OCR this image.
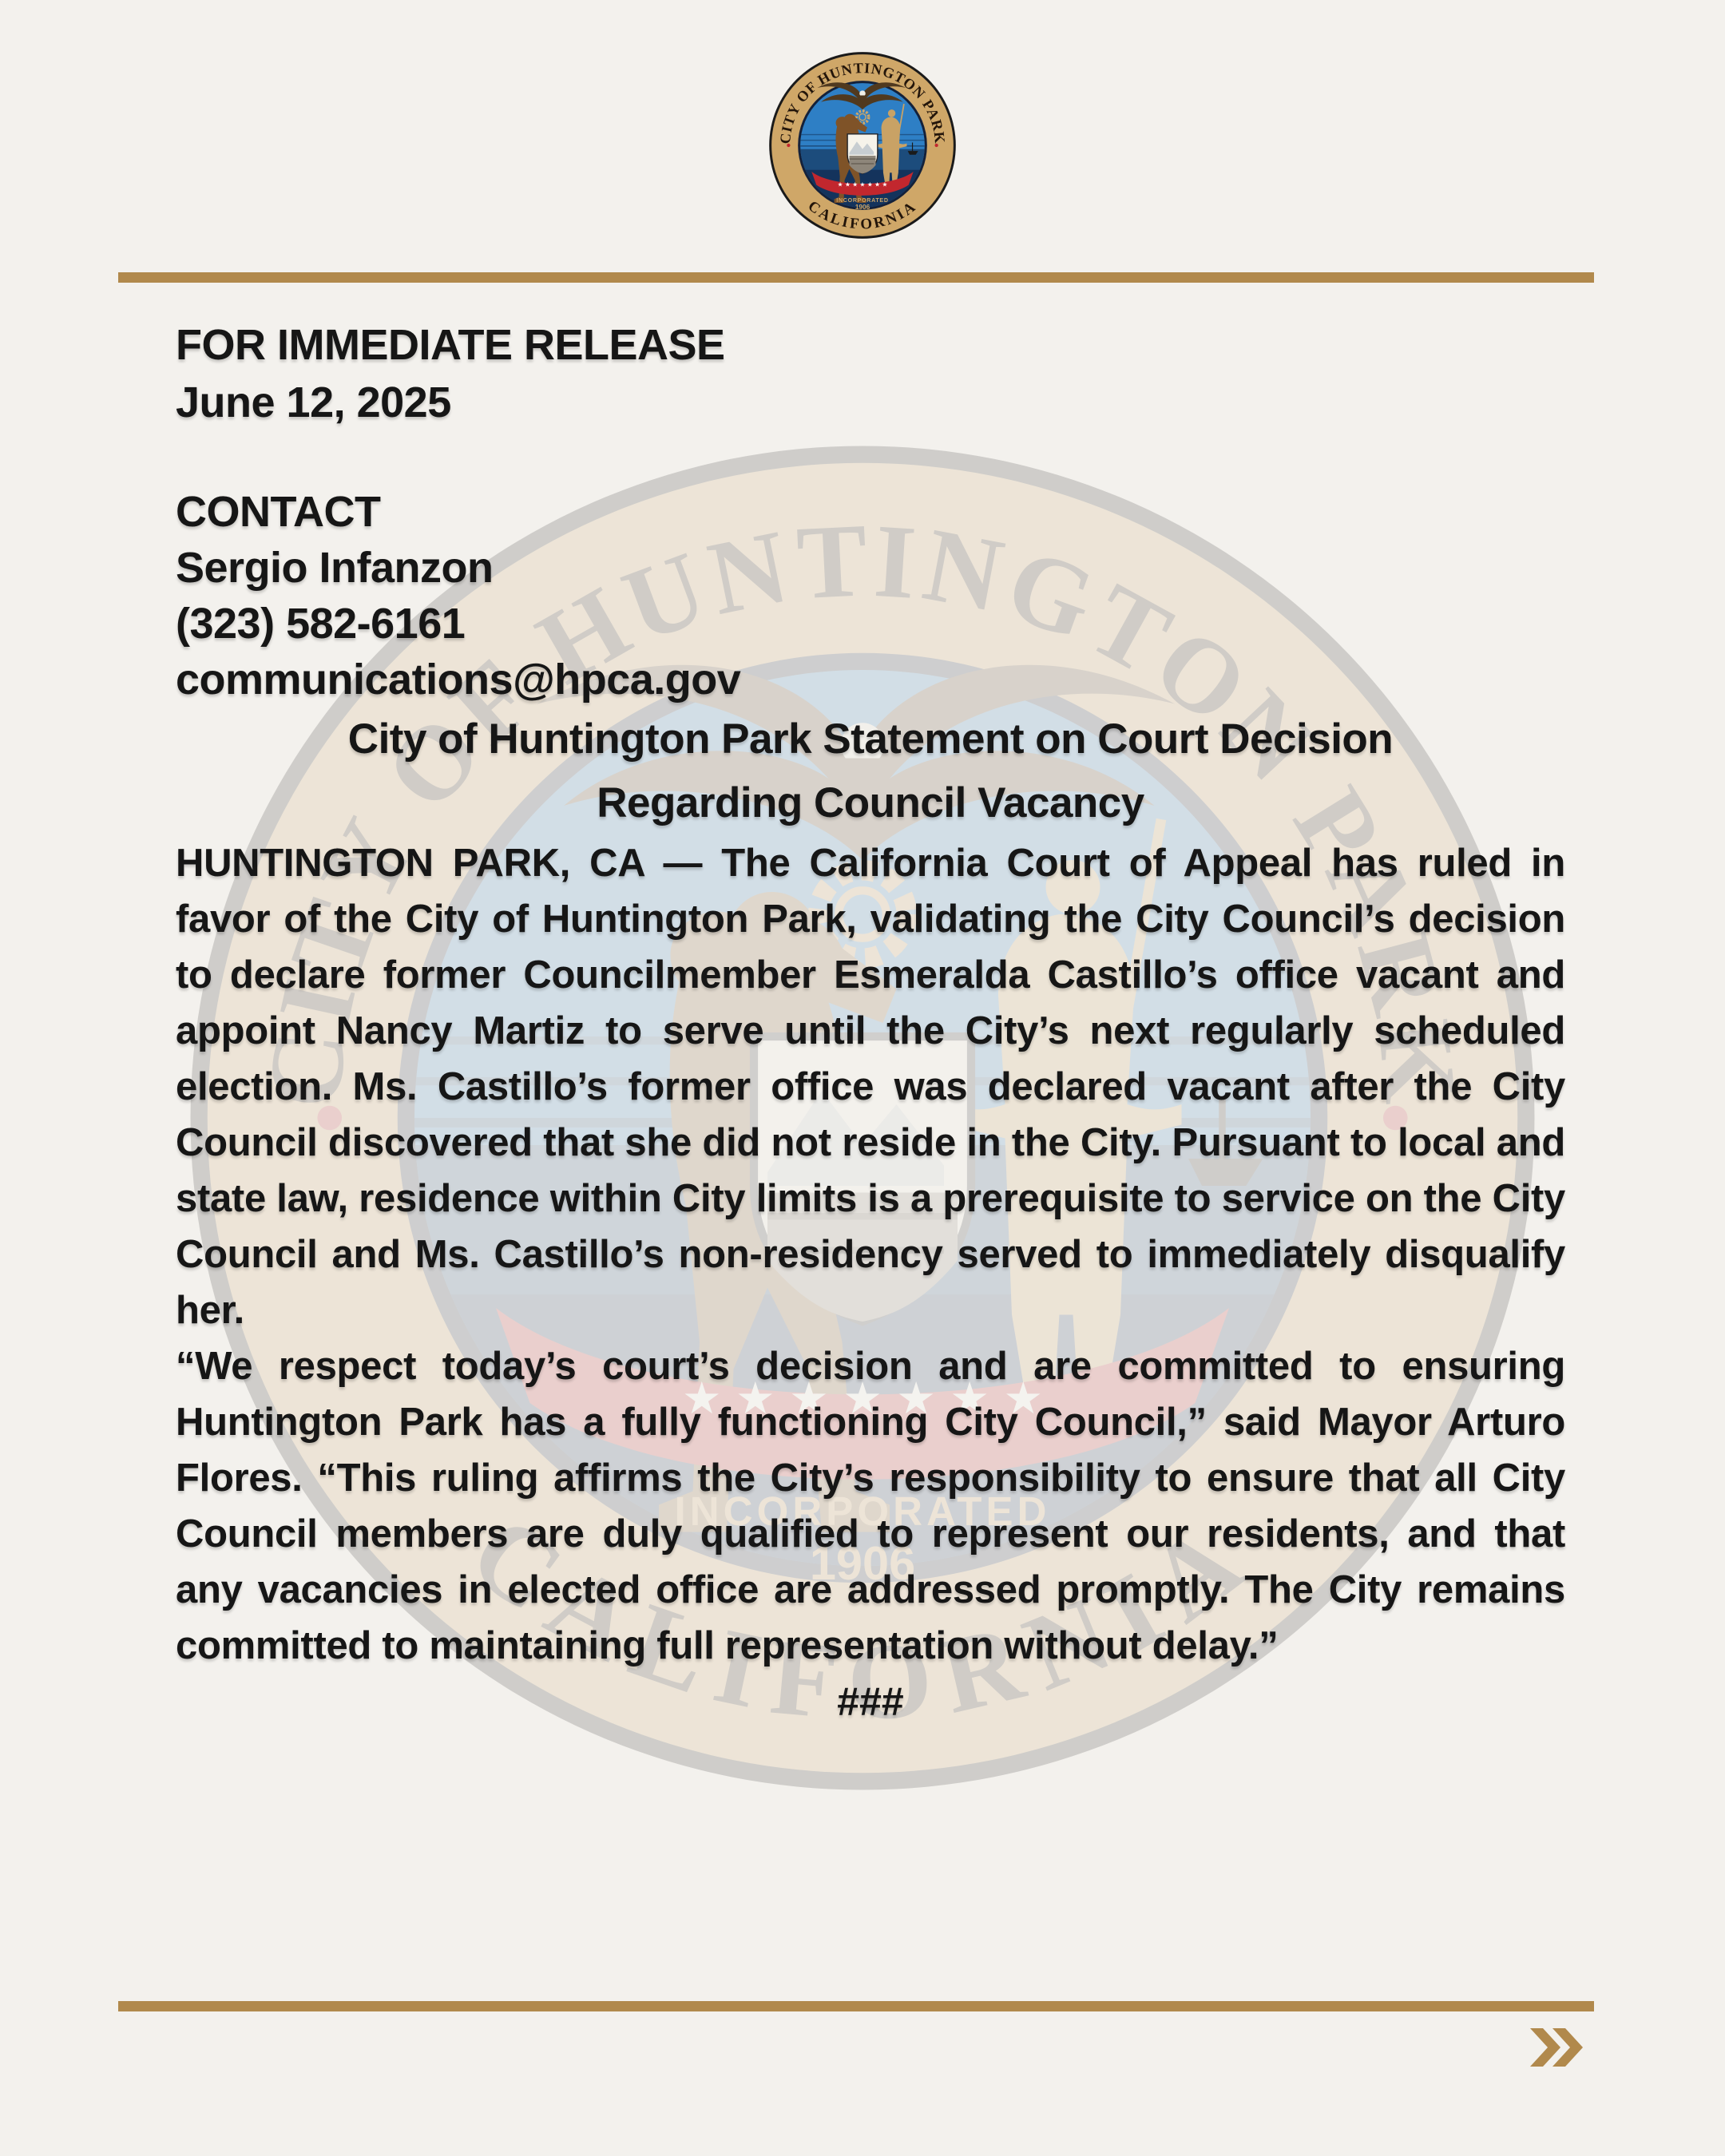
FOR IMMEDIATE RELEASE

June 12, 2025

CONTACT

Sergio Infanzon

(323) 582-6161

communications@hpca.gov

City of Huntington Park Statement on Court Decision
Regarding Council Vacancy

HUNTINGTON PARK, CA — The California Court of Appeal has ruled in favor of the City of Huntington Park, validating the City Council’s decision to declare former Councilmember Esmeralda Castillo’s office vacant and appoint Nancy Martiz to serve until the City’s next regularly scheduled election. Ms. Castillo’s former office was declared vacant after the City Council discovered that she did not reside in the City. Pursuant to local and state law, residence within City limits is a prerequisite to service on the City Council and Ms. Castillo’s non-residency served to immediately disqualify her.

“We respect today’s court’s decision and are committed to ensuring Huntington Park has a fully functioning City Council,” said Mayor Arturo Flores. “This ruling affirms the City’s responsibility to ensure that all City Council members are duly qualified to represent our residents, and that any vacancies in elected office are addressed promptly. The City remains committed to maintaining full representation without delay.”

###
